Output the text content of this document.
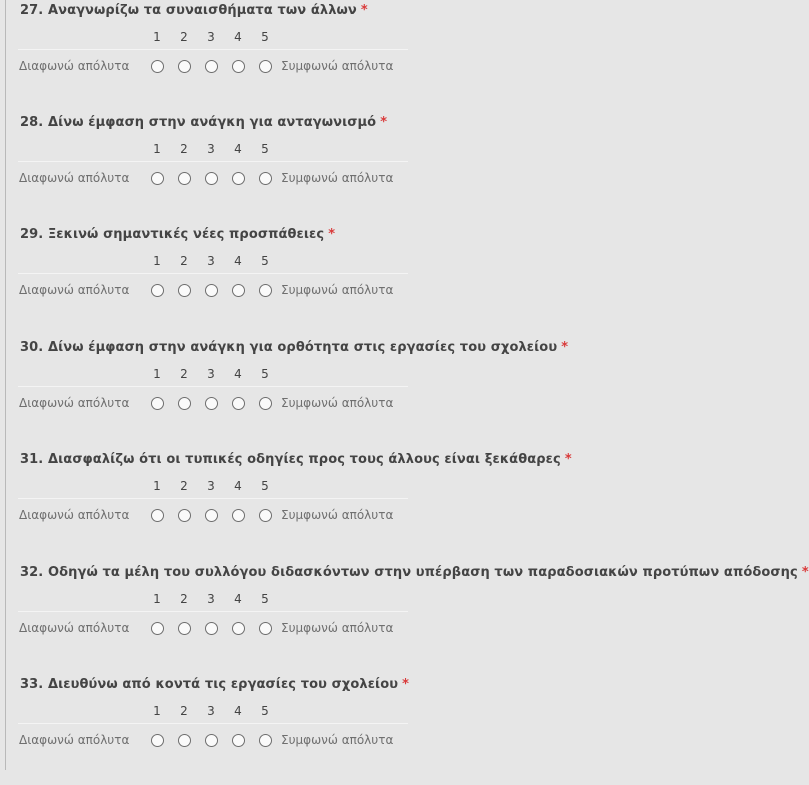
27. Αναγνωρίζω τα συναισθήματα των άλλων *
1 2 3 4 5
Διαφωνώ απόλυτα	Συμφωνώ απόλυτα
28. Δίνω έμφαση στην ανάγκη για ανταγωνισμό *
1 2 3 4 5
Διαφωνώ απόλυτα	Συμφωνώ απόλυτα
29. Ξεκινώ σημαντικές νέες προσπάθειες *
1 2 3 4 5
Διαφωνώ απόλυτα	Συμφωνώ απόλυτα
30. Δίνω έμφαση στην ανάγκη για ορθότητα στις εργασίες του σχολείου *
1 2 3 4 5
Διαφωνώ απόλυτα	Συμφωνώ απόλυτα
31. Διασφαλίζω ότι οι τυπικές οδηγίες προς τους άλλους είναι ξεκάθαρες *
1 2 3 4 5
Διαφωνώ απόλυτα	Συμφωνώ απόλυτα
32. Οδηγώ τα μέλη του συλλόγου διδασκόντων στην υπέρβαση των παραδοσιακών προτύπων απόδοσης *
1 2 3 4 5
Διαφωνώ απόλυτα	Συμφωνώ απόλυτα
33. Διευθύνω από κοντά τις εργασίες του σχολείου *
1 2 3 4 5
Διαφωνώ απόλυτα	Συμφωνώ απόλυτα
